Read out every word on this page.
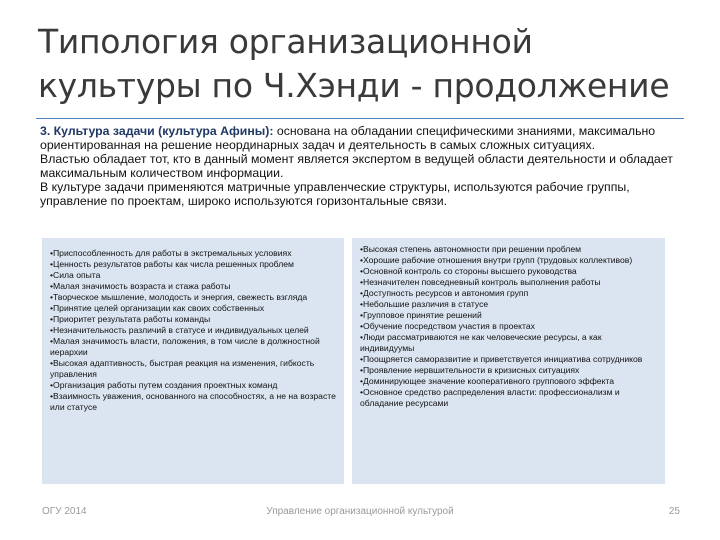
Типология организационной культуры по Ч.Хэнди - продолжение

3. Культура задачи (культура Афины): основана на обладании специфическими знаниями, максимально ориентированная на решение неординарных задач и деятельность в самых сложных ситуациях.

Властью обладает тот, кто в данный момент является экспертом в ведущей области деятельности и обладает максимальным количеством информации.

В культуре задачи применяются матричные управленческие структуры, используются рабочие группы, управление по проектам, широко используются горизонтальные связи.

•Приспособленность для работы в экстремальных условиях
•Ценность результатов работы как числа решенных проблем
•Сила опыта
•Малая значимость возраста и стажа работы
•Творческое мышление, молодость и энергия, свежесть взгляда
•Принятие целей организации как своих собственных
•Приоритет результата работы команды
•Незначительность различий в статусе и индивидуальных целей
•Малая значимость власти, положения, в том числе в должностной иерархии
•Высокая адаптивность, быстрая реакция на изменения, гибкость управления
•Организация работы путем создания проектных команд
•Взаимность уважения, основанного на способностях, а не на возрасте или статусе
•Высокая степень автономности при решении проблем
•Хорошие рабочие отношения внутри групп (трудовых коллективов)
•Основной контроль со стороны высшего руководства
•Незначителен повседневный контроль выполнения работы
•Доступность ресурсов и автономия групп
•Небольшие различия в статусе
•Групповое принятие решений
•Обучение посредством участия в проектах
•Люди рассматриваются не как человеческие ресурсы, а как индивидуумы
•Поощряется саморазвитие и приветствуется инициатива сотрудников
•Проявление нервшительности в кризисных ситуациях
•Доминирующее значение кооперативного группового эффекта
•Основное средство распределения власти: профессионализм и обладание ресурсами
ОГУ 2014	Управление организационной культурой	25
